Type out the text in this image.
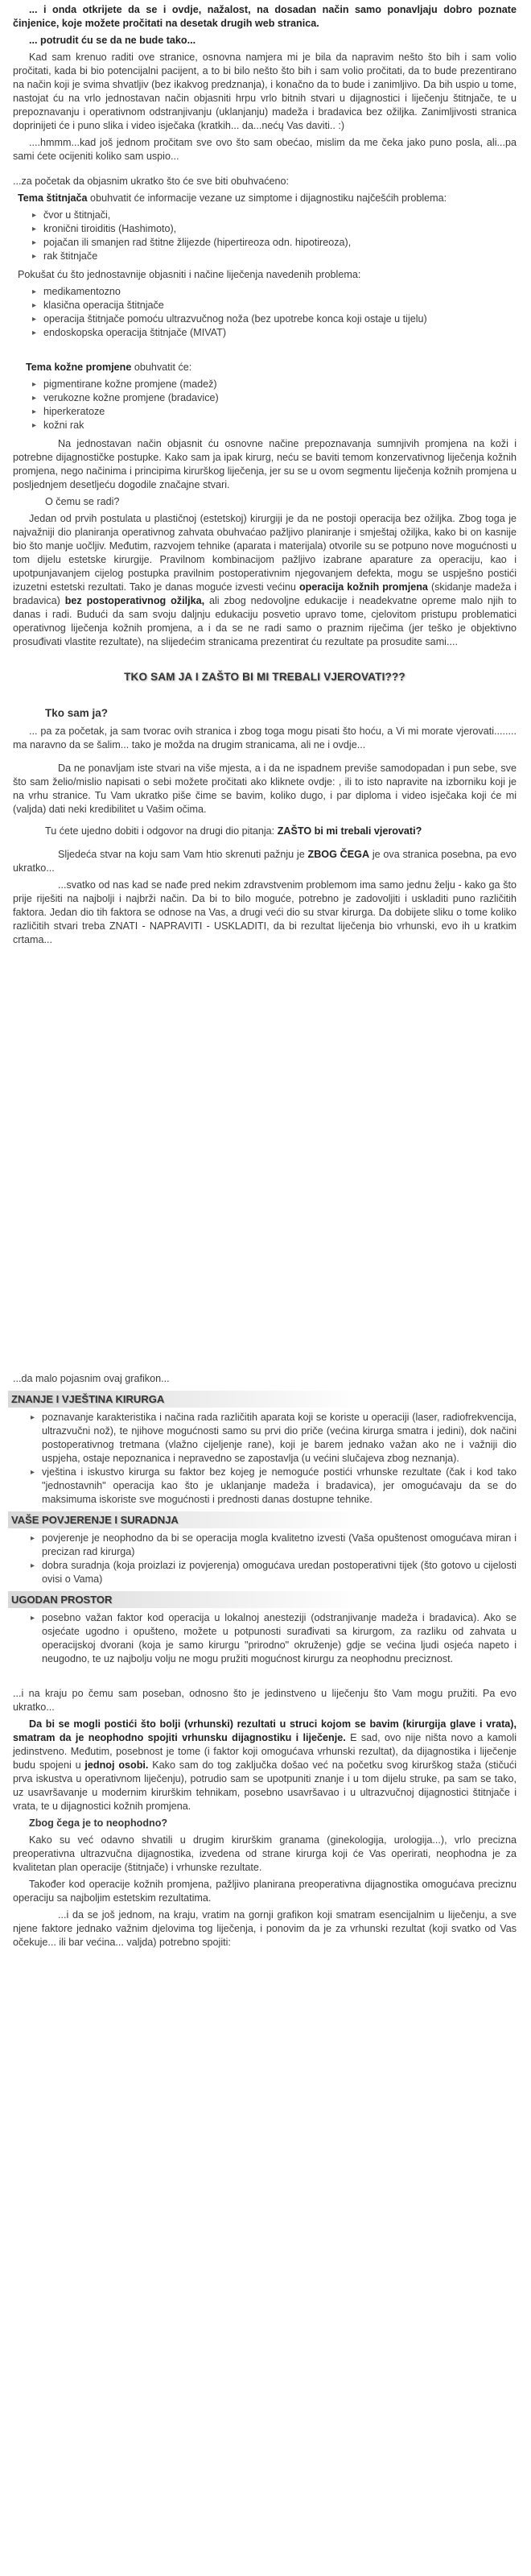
... i onda otkrijete da se i ovdje, nažalost, na dosadan način samo ponavljaju dobro poznate činjenice, koje možete pročitati na desetak drugih web stranica.

... potrudit ću se da ne bude tako...

Kad sam krenuo raditi ove stranice, osnovna namjera mi je bila da napravim nešto što bih i sam volio pročitati, kada bi bio potencijalni pacijent, a to bi bilo nešto što bih i sam volio pročitati, da to bude prezentirano na način koji je svima shvatljiv (bez ikakvog predznanja), i konačno da to bude i zanimljivo. Da bih uspio u tome, nastojat ću na vrlo jednostavan način objasniti hrpu vrlo bitnih stvari u dijagnostici i liječenju štitnjače, te u prepoznavanju i operativnom odstranjivanju (uklanjanju) madeža i bradavica bez ožiljka. Zanimljivosti stranica doprinijeti će i puno slika i video isječaka (kratkih... da...nećų Vas daviti.. :)

....hmmm...kad još jednom pročitam sve ovo što sam obećao, mislim da me čeka jako puno posla, ali...pa sami ćete ocijeniti koliko sam uspio...

...za početak da objasnim ukratko što će sve biti obuhvaćeno:

Tema štitnjača obuhvatit će informacije vezane uz simptome i dijagnostiku najčešćih problema:

▸ čvor u štitnjači,
▸ kronični tiroiditis (Hashimoto),
▸ pojačan ili smanjen rad štitne žlijezde (hipertireoza odn. hipotireoza),
▸ rak štitnjače

Pokušat ću što jednostavnije objasniti i načine liječenja navedenih problema:

▸ medikamentozno
▸ klasična operacija štitnjače
▸ operacija štitnjače pomoću ultrazvučnog noža (bez upotrebe konca koji ostaje u tijelu)
▸ endoskopska operacija štitnjače (MIVAT)

Tema kožne promjene obuhvatit će:

▸ pigmentirane kožne promjene (madež)
▸ verukozne kožne promjene (bradavice)
▸ hiperkeratoze
▸ kožni rak

Na jednostavan način objasnit ću osnovne načine prepoznavanja sumnjivih promjena na koži i potrebne dijagnostičke postupke. Kako sam ja ipak kirurg, neću se baviti temom konzervativnog liječenja kožnih promjena, nego načinima i principima kirurškog liječenja, jer su se u ovom segmentu liječenja kožnih promjena u posljednjem desetljeću dogodile značajne stvari.

O čemu se radi?

Jedan od prvih postulata u plastičnoj (estetskoj) kirurgiji je da ne postoji operacija bez ožiljka. Zbog toga je najvažniji dio planiranja operativnog zahvata obuhvaćao pažljivo planiranje i smještaj ožiljka, kako bi on kasnije bio što manje uočljiv. Međutim, razvojem tehnike (aparata i materijala) otvorile su se potpuno nove mogućnosti u tom dijelu estetske kirurgije. Pravilnom kombinacijom pažljivo izabrane aparature za operaciju, kao i upotpunjavanjem cijelog postupka pravilnim postoperativnim njegovanjem defekta, mogu se uspješno postići izuzetni estetski rezultati. Tako je danas moguće izvesti većinu operacija kožnih promjena (skidanje madeža i bradavica) bez postoperativnog ožiljka, ali zbog nedovoljne edukacije i neadekvatne opreme malo njih to danas i radi. Budući da sam svoju daljnju edukaciju posvetio upravo tome, cjelovitom pristupu problematici operativnog liječenja kožnih promjena, a i da se ne radi samo o praznim riječima (jer teško je objektivno prosuđivati vlastite rezultate), na slijedećim stranicama prezentirat ću rezultate pa prosudite sami....

TKO SAM JA I ZAŠTO BI MI TREBALI VJEROVATI???
Tko sam ja?

... pa za početak, ja sam tvorac ovih stranica i zbog toga mogu pisati što hoću, a Vi mi morate vjerovati........ ma naravno da se šalim... tako je možda na drugim stranicama, ali ne i ovdje...

Da ne ponavljam iste stvari na više mjesta, a i da ne ispadnem previše samodopadan i pun sebe, sve što sam želio/mislio napisati o sebi možete pročitati ako kliknete ovdje: , ili to isto napravite na izborniku koji je na vrhu stranice. Tu Vam ukratko piše čime se bavim, koliko dugo, i par diploma i video isječaka koji će mi (valjda) dati neki kredibilitet u Vašim očima.

Tu ćete ujedno dobiti i odgovor na drugi dio pitanja: ZAŠTO bi mi trebali vjerovati?

Sljedeća stvar na koju sam Vam htio skrenuti pažnju je ZBOG ČEGA je ova stranica posebna, pa evo ukratko...

...svatko od nas kad se nađe pred nekim zdravstvenim problemom ima samo jednu želju - kako ga što prije riješiti na najbolji i najbrži način. Da bi to bilo moguće, potrebno je zadovoljiti i uskladiti puno različitih faktora. Jedan dio tih faktora se odnose na Vas, a drugi veći dio su stvar kirurga. Da dobijete sliku o tome koliko različitih stvari treba ZNATI - NAPRAVITI - USKLADITI, da bi rezultat liječenja bio vrhunski, evo ih u kratkim crtama...

...da malo pojasnim ovaj grafikon...

ZNANJE I VJEŠTINA KIRURGA
▸ poznavanje karakteristika i načina rada različitih aparata koji se koriste u operaciji (laser, radiofrekvencija, ultrazvučni nož), te njihove mogućnosti samo su prvi dio priče (većina kirurga smatra i jedini), dok načini postoperativnog tretmana (vlažno cijeljenje rane), koji je barem jednako važan ako ne i važniji dio uspjeha, ostaje nepoznanica i nepravedno se zapostavlja (u većini slučajeva zbog neznanja).
▸ vještina i iskustvo kirurga su faktor bez kojeg je nemoguće postići vrhunske rezultate (čak i kod tako "jednostavnih" operacija kao što je uklanjanje madeža i bradavica), jer omogućavaju da se do maksimuma iskoriste sve mogućnosti i prednosti danas dostupne tehnike.
VAŠE POVJERENJE I SURADNJA
▸ povjerenje je neophodno da bi se operacija mogla kvalitetno izvesti (Vaša opuštenost omogućava miran i precizan rad kirurga)
▸ dobra suradnja (koja proizlazi iz povjerenja) omogućava uredan postoperativni tijek (što gotovo u cijelosti ovisi o Vama)
UGODAN PROSTOR
▸ posebno važan faktor kod operacija u lokalnoj anesteziji (odstranjivanje madeža i bradavica). Ako se osjećate ugodno i opušteno, možete u potpunosti surađivati sa kirurgom, za razliku od zahvata u operacijskoj dvorani (koja je samo kirurgu "prirodno" okruženje) gdje se većina ljudi osjeća napeto i neugodno, te uz najbolju volju ne mogu pružiti mogućnost kirurgu za neophodnu preciznost.

...i na kraju po čemu sam poseban, odnosno što je jedinstveno u liječenju što Vam mogu pružiti. Pa evo ukratko...

Da bi se mogli postići što bolji (vrhunski) rezultati u struci kojom se bavim (kirurgija glave i vrata), smatram da je neophodno spojiti vrhunsku dijagnostiku i liječenje. E sad, ovo nije ništa novo a kamoli jedinstveno. Međutim, posebnost je tome (i faktor koji omogućava vrhunski rezultat), da dijagnostika i liječenje budu spojeni u jednoj osobi. Kako sam do tog zaključka došao već na početku svog kirurškog staža (stičući prva iskustva u operativnom liječenju), potrudio sam se upotpuniti znanje i u tom dijelu struke, pa sam se tako, uz usavršavanje u modernim kirurškim tehnikam, posebno usavršavao i u ultrazvučnoj dijagnostici štitnjače i vrata, te u dijagnostici kožnih promjena.

Zbog čega je to neophodno?

Kako su već odavno shvatili u drugim kirurškim granama (ginekologija, urologija...), vrlo precizna preoperativna ultrazvučna dijagnostika, izvedena od strane kirurga koji će Vas operirati, neophodna je za kvalitetan plan operacije (štitnjače) i vrhunske rezultate.

Također kod operacije kožnih promjena, pažljivo planirana preoperativna dijagnostika omogućava preciznu operaciju sa najboljim estetskim rezultatima.

...i da se još jednom, na kraju, vratim na gornji grafikon koji smatram esencijalnim u liječenju, a sve njene faktore jednako važnim djelovima tog liječenja, i ponovim da je za vrhunski rezultat (koji svatko od Vas očekuje... ili bar većina... valjda) potrebno spojiti:
